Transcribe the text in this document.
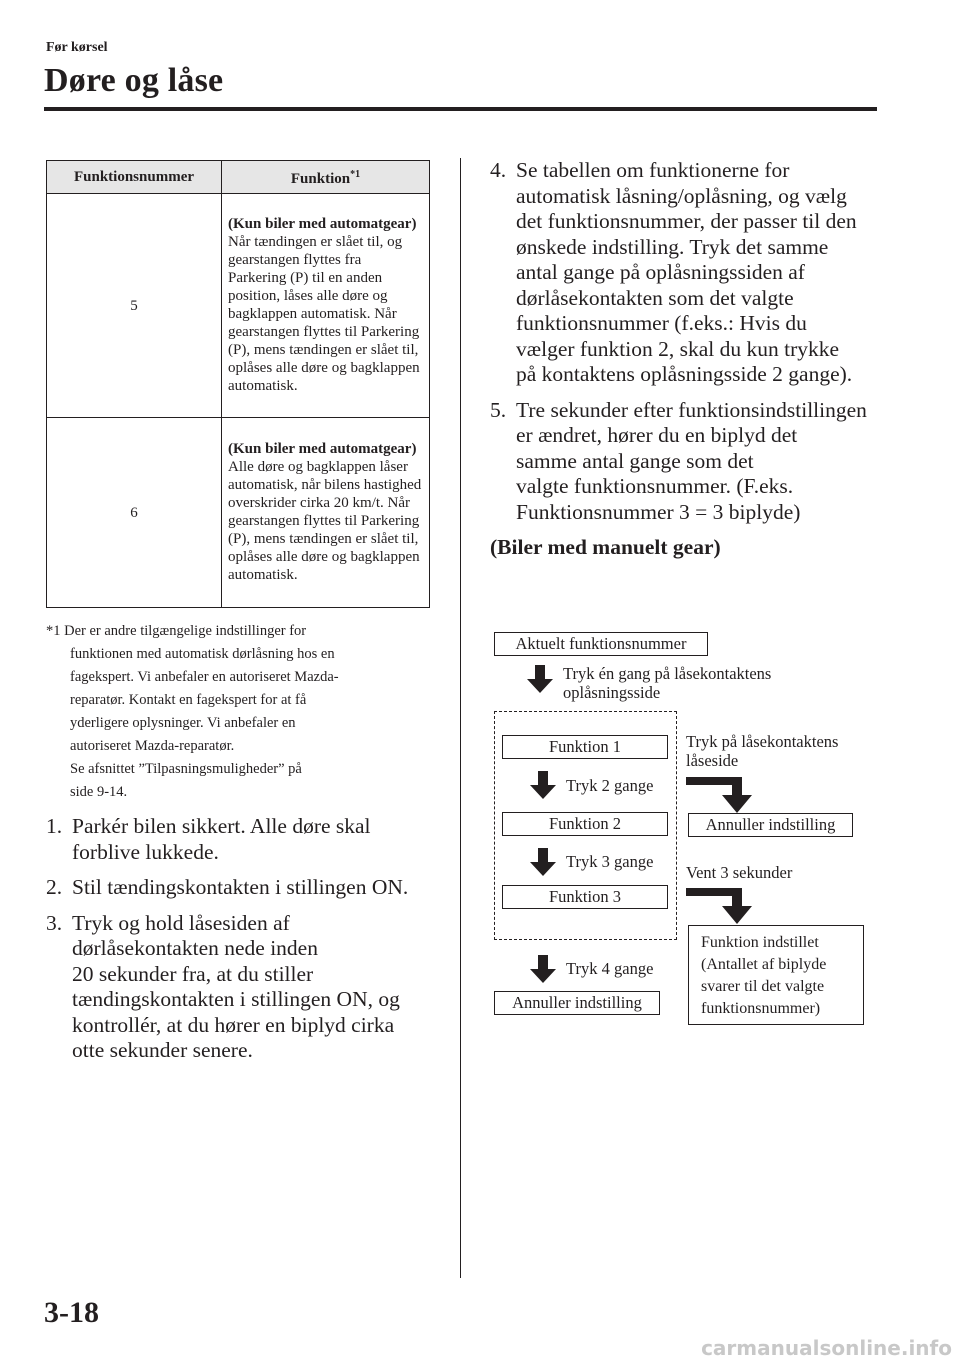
Før kørsel
Døre og låse
Funktionsnummer	Funktion$^{*1}$
5	(Kun biler med automatgear)
Når tændingen er slået til, og gearstangen flyttes fra Parkering (P) til en anden position, låses alle døre og bagklappen automatisk. Når gearstangen flyttes til Parkering (P), mens tændingen er slået til, oplåses alle døre og bagklappen automatisk.
6	(Kun biler med automatgear)
Alle døre og bagklappen låser automatisk, når bilens hastighed overskrider cirka 20 km/t. Når gearstangen flyttes til Parkering (P), mens tændingen er slået til, oplåses alle døre og bagklappen automatisk.
*1 Der er andre tilgængelige indstillinger for
funktionen med automatisk dørlåsning hos en
fagekspert. Vi anbefaler en autoriseret Mazda-
reparatør. Kontakt en fagekspert for at få
yderligere oplysninger. Vi anbefaler en
autoriseret Mazda-reparatør.
Se afsnittet ”Tilpasningsmuligheder” på
side 9-14.
1. Parkér bilen sikkert. Alle døre skal
forblive lukkede.
2. Stil tændingskontakten i stillingen ON.
3. Tryk og hold låsesiden af
dørlåsekontakten nede inden
20 sekunder fra, at du stiller
tændingskontakten i stillingen ON, og
kontrollér, at du hører en biplyd cirka
otte sekunder senere.
4. Se tabellen om funktionerne for
automatisk låsning/oplåsning, og vælg
det funktionsnummer, der passer til den
ønskede indstilling. Tryk det samme
antal gange på oplåsningssiden af
dørlåsekontakten som det valgte
funktionsnummer (f.eks.: Hvis du
vælger funktion 2, skal du kun trykke
på kontaktens oplåsningsside 2 gange).
5. Tre sekunder efter funktionsindstillingen
er ændret, hører du en biplyd det
samme antal gange som det
valgte funktionsnummer. (F.eks.
Funktionsnummer 3 = 3 biplyde)
(Biler med manuelt gear)
Aktuelt funktionsnummer
Tryk én gang på låsekontaktens
oplåsningsside
Funktion 1
Tryk 2 gange
Funktion 2
Tryk 3 gange
Funktion 3
Tryk 4 gange
Annuller indstilling
Tryk på låsekontaktens
låseside
Annuller indstilling
Vent 3 sekunder
Funktion indstillet
(Antallet af biplyde
svarer til det valgte
funktionsnummer)
3-18
carmanualsonline.info
